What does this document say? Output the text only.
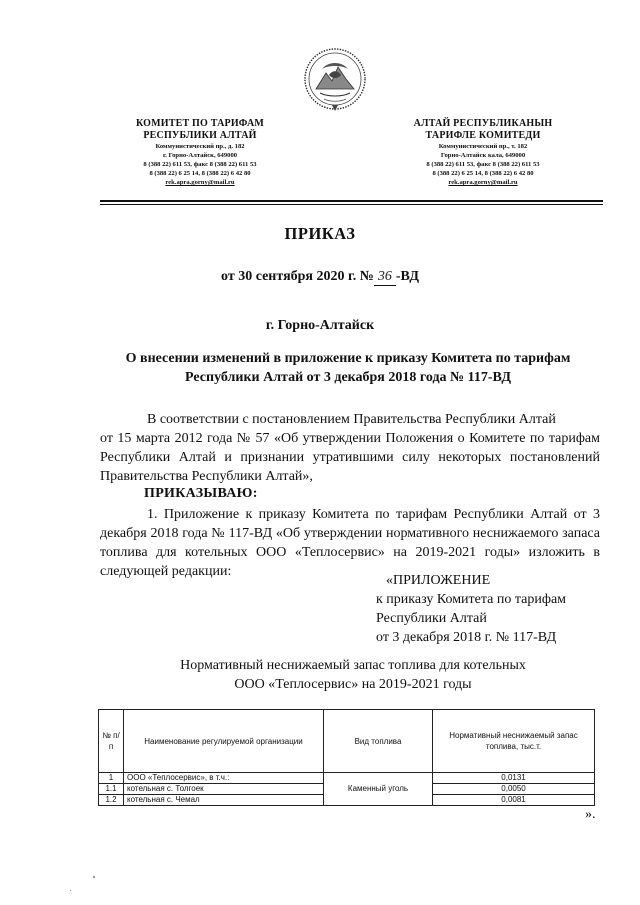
КОМИТЕТ ПО ТАРИФАМ
РЕСПУБЛИКИ АЛТАЙ
Коммунистический пр., д. 182
г. Горно-Алтайск, 649000
8 (388 22) 611 53, факс 8 (388 22) 611 53
8 (388 22) 6 25 14, 8 (388 22) 6 42 80
rek.apra.gorny@mail.ru
АЛТАЙ РЕСПУБЛИКАНЫН
ТАРИФЛЕ КОМИТЕДИ
Коммунистический пр., т. 182
Горно-Алтайск кала, 649000
8 (388 22) 611 53, факс 8 (388 22) 611 53
8 (388 22) 6 25 14, 8 (388 22) 6 42 80
rek.apra.gorny@mail.ru
ПРИКАЗ
от 30 сентября 2020 г. № 36 -ВД
г. Горно-Алтайск
О внесении изменений в приложение к приказу Комитета по тарифам Республики Алтай от 3 декабря 2018 года № 117-ВД
В соответствии с постановлением Правительства Республики Алтай
от 15 марта 2012 года № 57 «Об утверждении Положения о Комитете по тарифам Республики Алтай и признании утратившими силу некоторых постановлений Правительства Республики Алтай»,
ПРИКАЗЫВАЮ:
1. Приложение к приказу Комитета по тарифам Республики Алтай от 3 декабря 2018 года № 117-ВД «Об утверждении нормативного неснижаемого запаса топлива для котельных ООО «Теплосервис» на 2019-2021 годы» изложить в следующей редакции:
«ПРИЛОЖЕНИЕ
к приказу Комитета по тарифам
Республики Алтай
от 3 декабря 2018 г. № 117-ВД
Нормативный неснижаемый запас топлива для котельных
ООО «Теплосервис» на 2019-2021 годы
№ п/п	Наименование регулируемой организации	Вид топлива	Нормативный неснижаемый запас топлива, тыс.т.
1	ООО «Теплосервис», в т.ч.:	Каменный уголь	0,0131
1.1	котельная с. Толгоек		0,0050
1.2	котельная с. Чемал		0,0081
».
